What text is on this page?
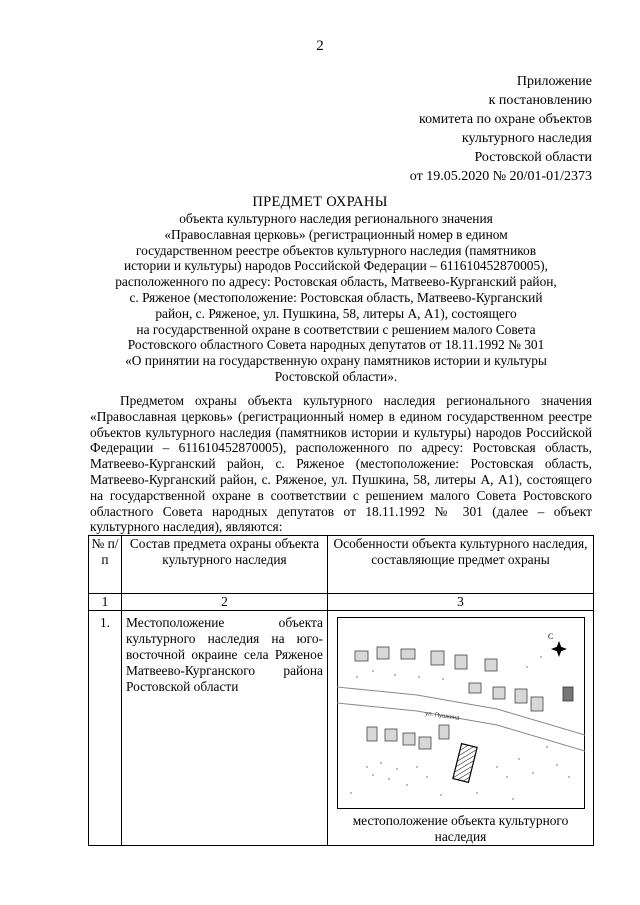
2
Приложение
к постановлению
комитета по охране объектов
культурного наследия
Ростовской области
от 19.05.2020 № 20/01-01/2373
ПРЕДМЕТ ОХРАНЫ
объекта культурного наследия регионального значения
«Православная церковь» (регистрационный номер в едином
государственном реестре объектов культурного наследия (памятников
истории и культуры) народов Российской Федерации – 611610452870005),
расположенного по адресу: Ростовская область, Матвеево-Курганский район,
с. Ряженое (местоположение: Ростовская область, Матвеево-Курганский
район, с. Ряженое, ул. Пушкина, 58, литеры А, А1), состоящего
на государственной охране в соответствии с решением малого Совета
Ростовского областного Совета народных депутатов от 18.11.1992 № 301
«О принятии на государственную охрану памятников истории и культуры
Ростовской области».

Предметом охраны объекта культурного наследия регионального значения «Православная церковь» (регистрационный номер в едином государственном реестре объектов культурного наследия (памятников истории и культуры) народов Российской Федерации – 611610452870005), расположенного по адресу: Ростовская область, Матвеево-Курганский район, с. Ряженое (местоположение: Ростовская область, Матвеево-Курганский район, с. Ряженое, ул. Пушкина, 58, литеры А, А1), состоящего на государственной охране в соответствии с решением малого Совета Ростовского областного Совета народных депутатов от 18.11.1992 № 301 (далее – объект культурного наследия), являются:

№ п/п	Состав предмета охраны объекта культурного наследия	Особенности объекта культурного наследия, составляющие предмет охраны
1	2	3
1.	Местоположение объекта культурного наследия на юго-восточной окраине села Ряженое Матвеево-Курганского района Ростовской области	ул. Пушкина
С
местоположение объекта культурного наследия
